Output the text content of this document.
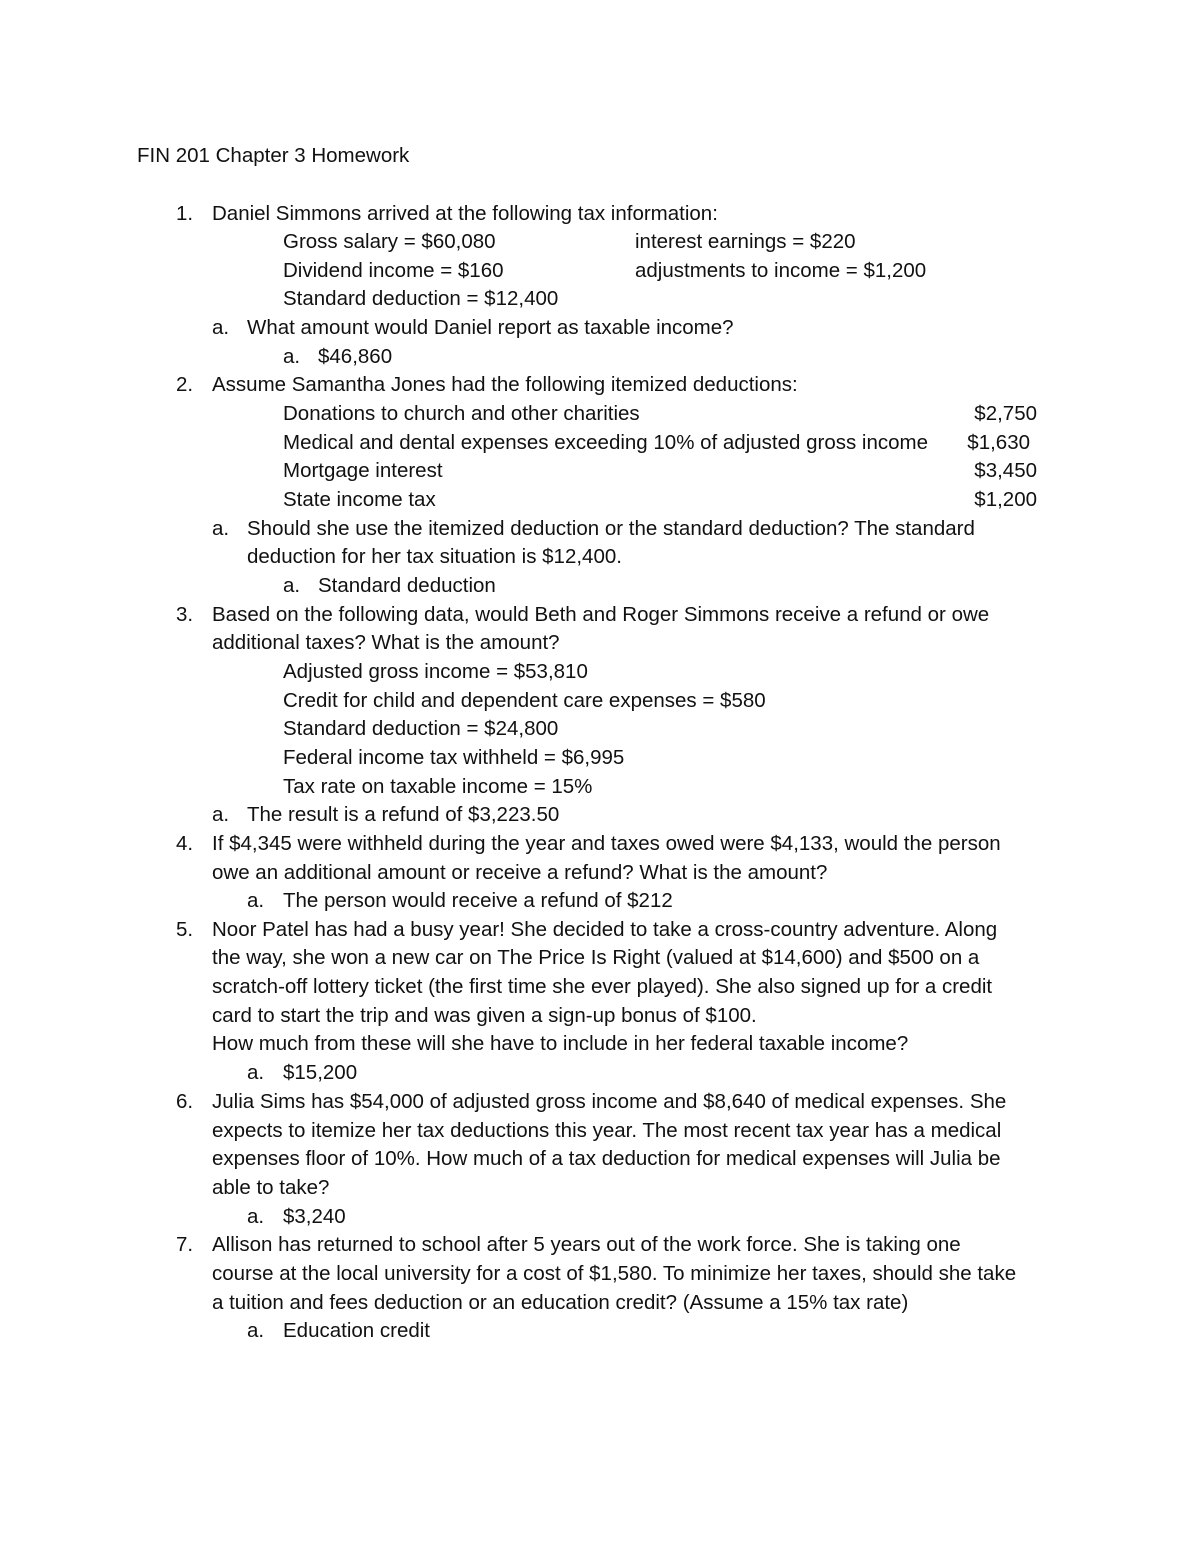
FIN 201 Chapter 3 Homework
1. Daniel Simmons arrived at the following tax information:
Gross salary = $60,080	interest earnings = $220
Dividend income = $160	adjustments to income = $1,200
Standard deduction = $12,400
a. What amount would Daniel report as taxable income?
a. $46,860
2. Assume Samantha Jones had the following itemized deductions:
Donations to church and other charities	$2,750
Medical and dental expenses exceeding 10% of adjusted gross income $1,630
Mortgage interest	$3,450
State income tax	$1,200
a. Should she use the itemized deduction or the standard deduction? The standard
deduction for her tax situation is $12,400.
a. Standard deduction
3. Based on the following data, would Beth and Roger Simmons receive a refund or owe
additional taxes? What is the amount?
Adjusted gross income = $53,810
Credit for child and dependent care expenses = $580
Standard deduction = $24,800
Federal income tax withheld = $6,995
Tax rate on taxable income = 15%
a. The result is a refund of $3,223.50
4. If $4,345 were withheld during the year and taxes owed were $4,133, would the person
owe an additional amount or receive a refund? What is the amount?
a. The person would receive a refund of $212
5. Noor Patel has had a busy year! She decided to take a cross-country adventure. Along
the way, she won a new car on The Price Is Right (valued at $14,600) and $500 on a
scratch-off lottery ticket (the first time she ever played). She also signed up for a credit
card to start the trip and was given a sign-up bonus of $100.
How much from these will she have to include in her federal taxable income?
a. $15,200
6. Julia Sims has $54,000 of adjusted gross income and $8,640 of medical expenses. She
expects to itemize her tax deductions this year. The most recent tax year has a medical
expenses floor of 10%. How much of a tax deduction for medical expenses will Julia be
able to take?
a. $3,240
7. Allison has returned to school after 5 years out of the work force. She is taking one
course at the local university for a cost of $1,580. To minimize her taxes, should she take
a tuition and fees deduction or an education credit? (Assume a 15% tax rate)
a. Education credit
